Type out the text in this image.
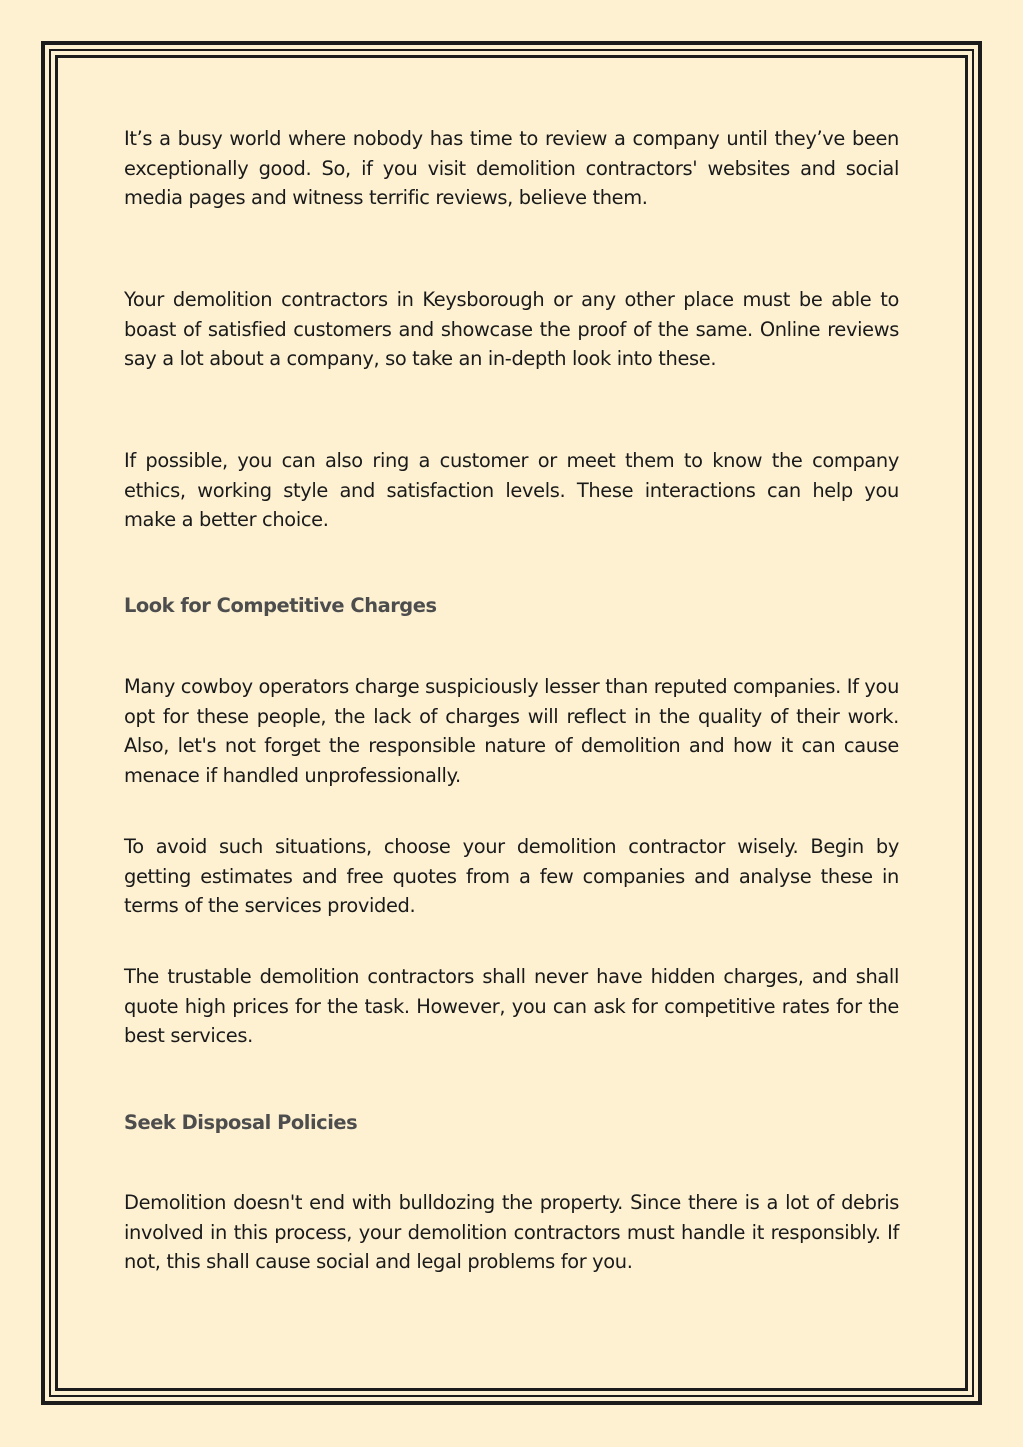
It’s a busy world where nobody has time to review a company until they’ve been exceptionally good. So, if you visit demolition contractors' websites and social media pages and witness terrific reviews, believe them.

Your demolition contractors in Keysborough or any other place must be able to boast of satisfied customers and showcase the proof of the same. Online reviews say a lot about a company, so take an in-depth look into these.

If possible, you can also ring a customer or meet them to know the company ethics, working style and satisfaction levels. These interactions can help you make a better choice.

Look for Competitive Charges

Many cowboy operators charge suspiciously lesser than reputed companies. If you opt for these people, the lack of charges will reflect in the quality of their work. Also, let's not forget the responsible nature of demolition and how it can cause menace if handled unprofessionally.

To avoid such situations, choose your demolition contractor wisely. Begin by getting estimates and free quotes from a few companies and analyse these in terms of the services provided.

The trustable demolition contractors shall never have hidden charges, and shall quote high prices for the task. However, you can ask for competitive rates for the best services.

Seek Disposal Policies

Demolition doesn't end with bulldozing the property. Since there is a lot of debris involved in this process, your demolition contractors must handle it responsibly. If not, this shall cause social and legal problems for you.
